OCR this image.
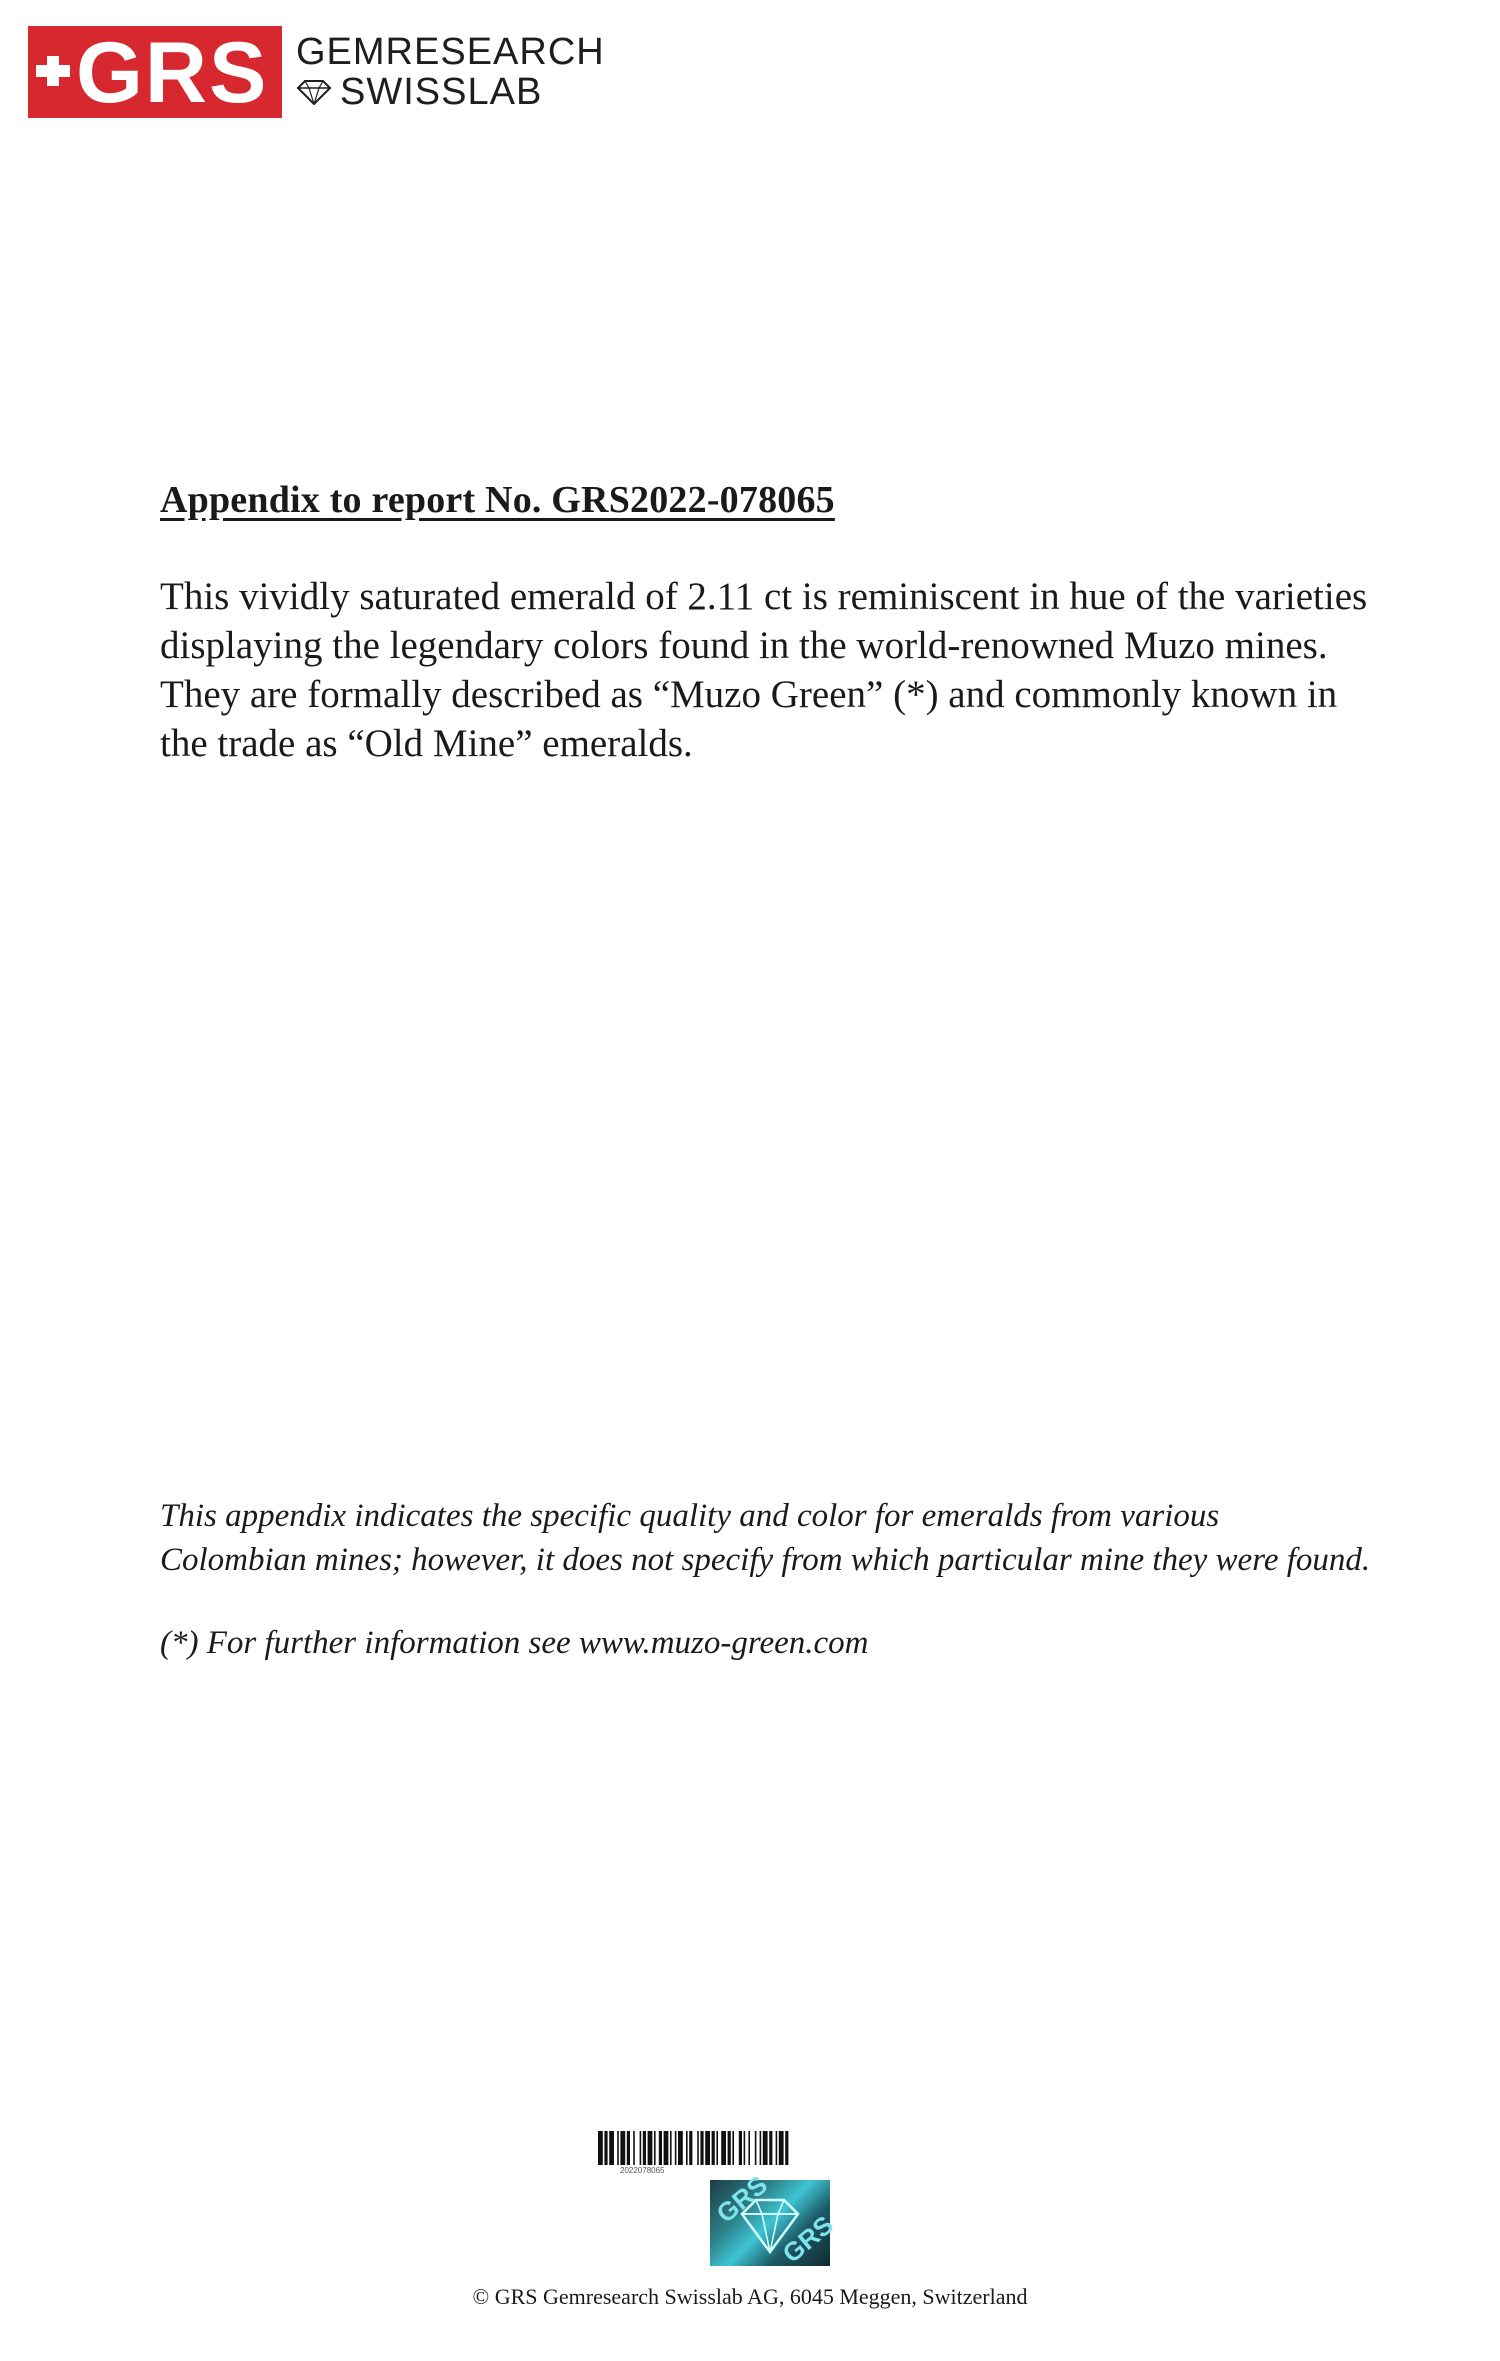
GRS GEMRESEARCH
SWISSLAB
Appendix to report No. GRS2022-078065

This vividly saturated emerald of 2.11 ct is reminiscent in hue of the varieties

displaying the legendary colors found in the world-renowned Muzo mines.

They are formally described as “Muzo Green” (*) and commonly known in

the trade as “Old Mine” emeralds.

This appendix indicates the specific quality and color for emeralds from various

Colombian mines; however, it does not specify from which particular mine they were found.

(*) For further information see www.muzo-green.com

2022078065 GRS
GRS
© GRS Gemresearch Swisslab AG, 6045 Meggen, Switzerland
